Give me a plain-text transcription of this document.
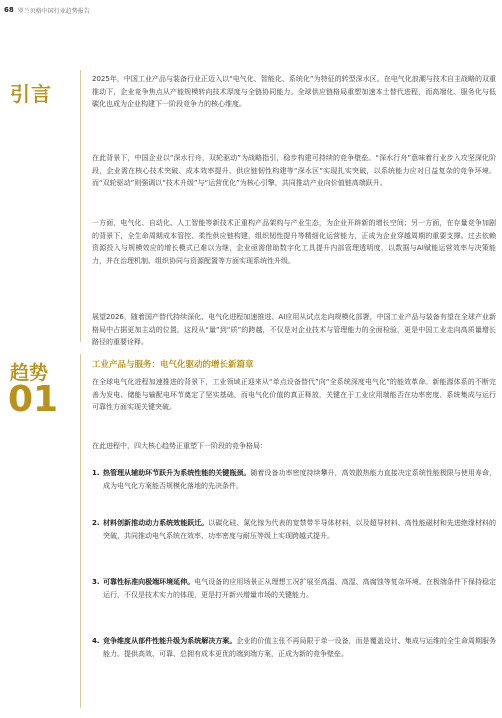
68 罗兰贝格中国行业趋势报告
引言

2025年，中国工业产品与装备行业正迈入以“电气化、智能化、系统化”为特征的转型深水区。在电气化浪潮与技术自主战略的双重推动下，企业竞争焦点从产能规模转向技术厚度与全链协同能力。全球供应链格局重塑加速本土替代进程，而高端化、服务化与低碳化也成为企业构建下一阶段竞争力的核心维度。

在此背景下，中国企业以“深水行舟，双轮驱动”为战略指引，稳步构建可持续的竞争壁垒。“深水行舟”意味着行业步入攻坚深化阶段，企业需在核心技术突破、成本效率提升、供应链韧性构建等“深水区”实现扎实突破，以系统能力应对日益复杂的竞争环境。而“双轮驱动”则强调以“技术升级”与“运营优化”为核心引擎，共同推动产业向价值链高端跃升。

一方面，电气化、自动化、人工智能等新技术正重构产品架构与产业生态，为企业开辟新的增长空间；另一方面，在存量竞争加剧的背景下，全生命周期成本管控、柔性供应链构建，组织韧性提升等精细化运营能力，正成为企业穿越周期的重要支撑。过去依赖资源投入与规模效应的增长模式已难以为继，企业亟需借助数字化工具提升内部管理透明度，以数据与AI赋能运营效率与决策能力，并在治理机制、组织协同与资源配置等方面实现系统性升级。

展望2026，随着国产替代持续深化、电气化进程加速推进、AI应用从试点走向规模化部署，中国工业产品与装备有望在全球产业新格局中占据更加主动的位置。这段从“量”到“质”的跨越，不仅是对企业技术与管理能力的全面检验，更是中国工业走向高质量增长路径的重要诠释。

趋势
01
工业产品与服务：电气化驱动的增长新篇章

在全球电气化进程加速推进的背景下，工业领域正迎来从“单点设备替代”向“全系统深度电气化”的能效革命。新能源体系的不断完善为发电、储能与输配电环节奠定了坚实基础，而电气化价值的真正释放，关键在于工业应用端能否在功率密度、系统集成与运行可靠性方面实现关键突破。

在此进程中，四大核心趋势正重塑下一阶段的竞争格局：

1. 热管理从辅助环节跃升为系统性能的关键瓶颈。随着设备功率密度持续攀升，高效散热能力直接决定系统性能极限与使用寿命，成为电气化方案能否规模化落地的先决条件。
2. 材料创新推动动力系统效能跃迁。以碳化硅、氮化镓为代表的宽禁带半导体材料，以及超导材料、高性能磁材和先进绝缘材料的突破，共同推动电气系统在效率、功率密度与耐压等级上实现跨越式提升。
3. 可靠性标准向极端环境延伸。电气设备的应用场景正从理想工况扩展至高温、高湿、高腐蚀等复杂环境。在极端条件下保持稳定运行，不仅是技术实力的体现，更是打开新兴增量市场的关键能力。
4. 竞争维度从部件性能升级为系统解决方案。企业的价值主张不再局限于单一设备，而是覆盖设计、集成与运维的全生命周期服务能力。提供高效、可靠、总拥有成本更优的端到端方案，正成为新的竞争壁垒。
